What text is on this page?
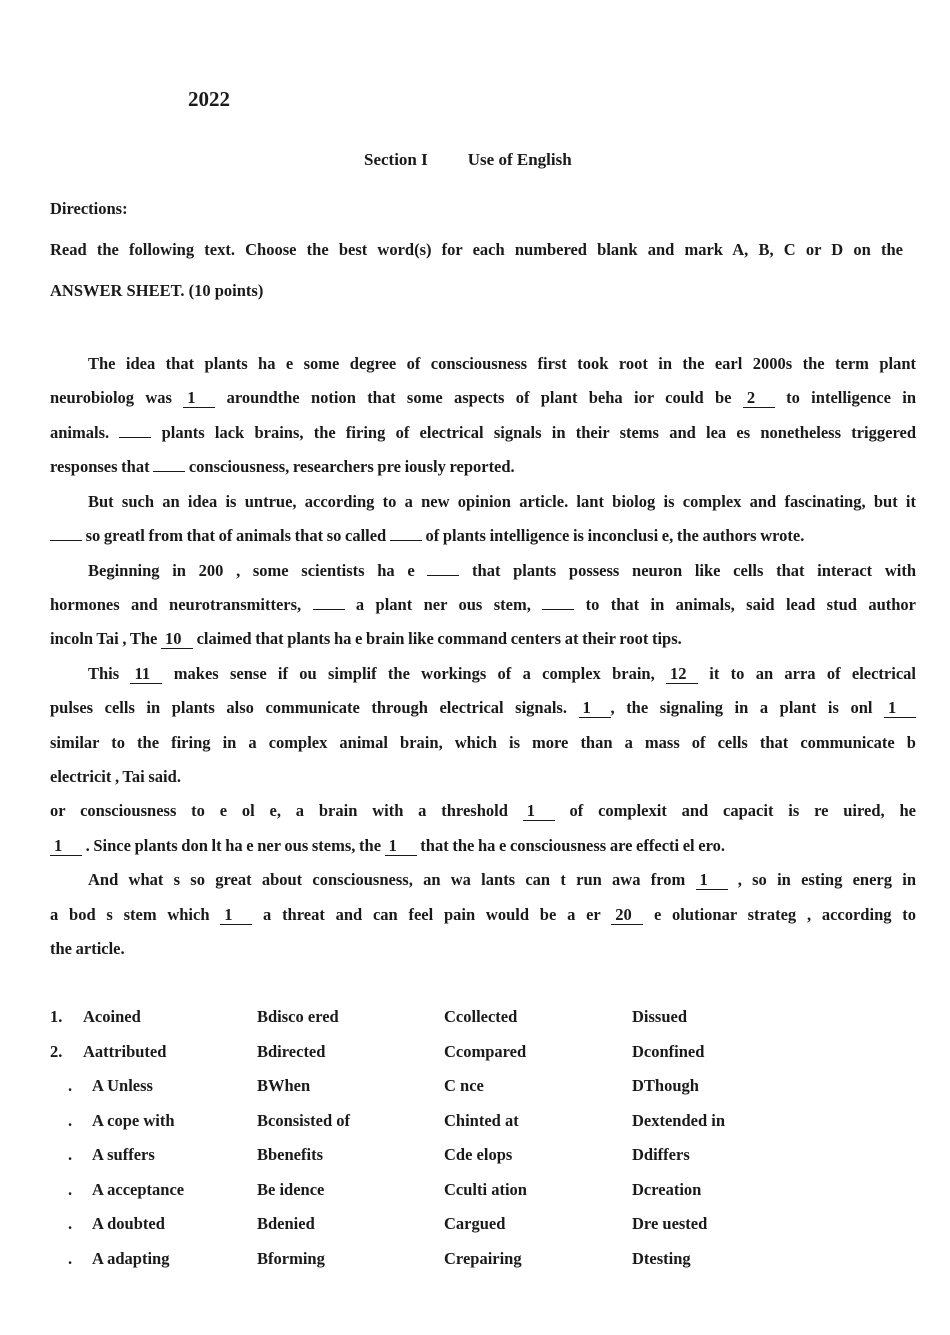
2022
Section I Use of English
Directions:
Read the following text. Choose the best word(s) for each numbered blank and mark A, B, C or D on the
ANSWER SHEET. (10 points)
The idea that plants ha e some degree of consciousness first took root in the earl 2000s the term plant
neurobiolog was 1 aroundthe notion that some aspects of plant beha ior could be 2 to intelligence in
animals.  plants lack brains, the firing of electrical signals in their stems and lea es nonetheless triggered
responses that  consciousness, researchers pre iously reported.
But such an idea is untrue, according to a new opinion article. lant biolog is complex and fascinating, but it
so greatl from that of animals that so called  of plants intelligence is inconclusi e, the authors wrote.
Beginning in 200 , some scientists ha e  that plants possess neuron like cells that interact with
hormones and neurotransmitters,  a plant ner ous stem,  to that in animals, said lead stud author
incoln Tai , The 10 claimed that plants ha e brain like command centers at their root tips.
This 11 makes sense if ou simplif the workings of a complex brain, 12 it to an arra of electrical
pulses cells in plants also communicate through electrical signals. 1 , the signaling in a plant is onl 1
similar to the firing in a complex animal brain, which is more than a mass of cells that communicate b
electricit , Tai said.
or consciousness to e ol e, a brain with a threshold 1 of complexit and capacit is re uired, he
1 . Since plants don lt ha e ner ous stems, the 1 that the ha e consciousness are effecti el ero.
And what s so great about consciousness, an wa lants can t run awa from 1 , so in esting energ in
a bod s stem which 1 a threat and can feel pain would be a er 20 e olutionar strateg , according to
the article.
1. Acoined	Bdisco ered	Ccollected	Dissued
2. Aattributed	Bdirected	Ccompared	Dconfined
. A Unless	BWhen	C nce	DThough
. A cope with	Bconsisted of	Chinted at	Dextended in
. A suffers	Bbenefits	Cde elops	Ddiffers
. A acceptance	Be idence	Cculti ation	Dcreation
. A doubted	Bdenied	Cargued	Dre uested
. A adapting	Bforming	Crepairing	Dtesting
